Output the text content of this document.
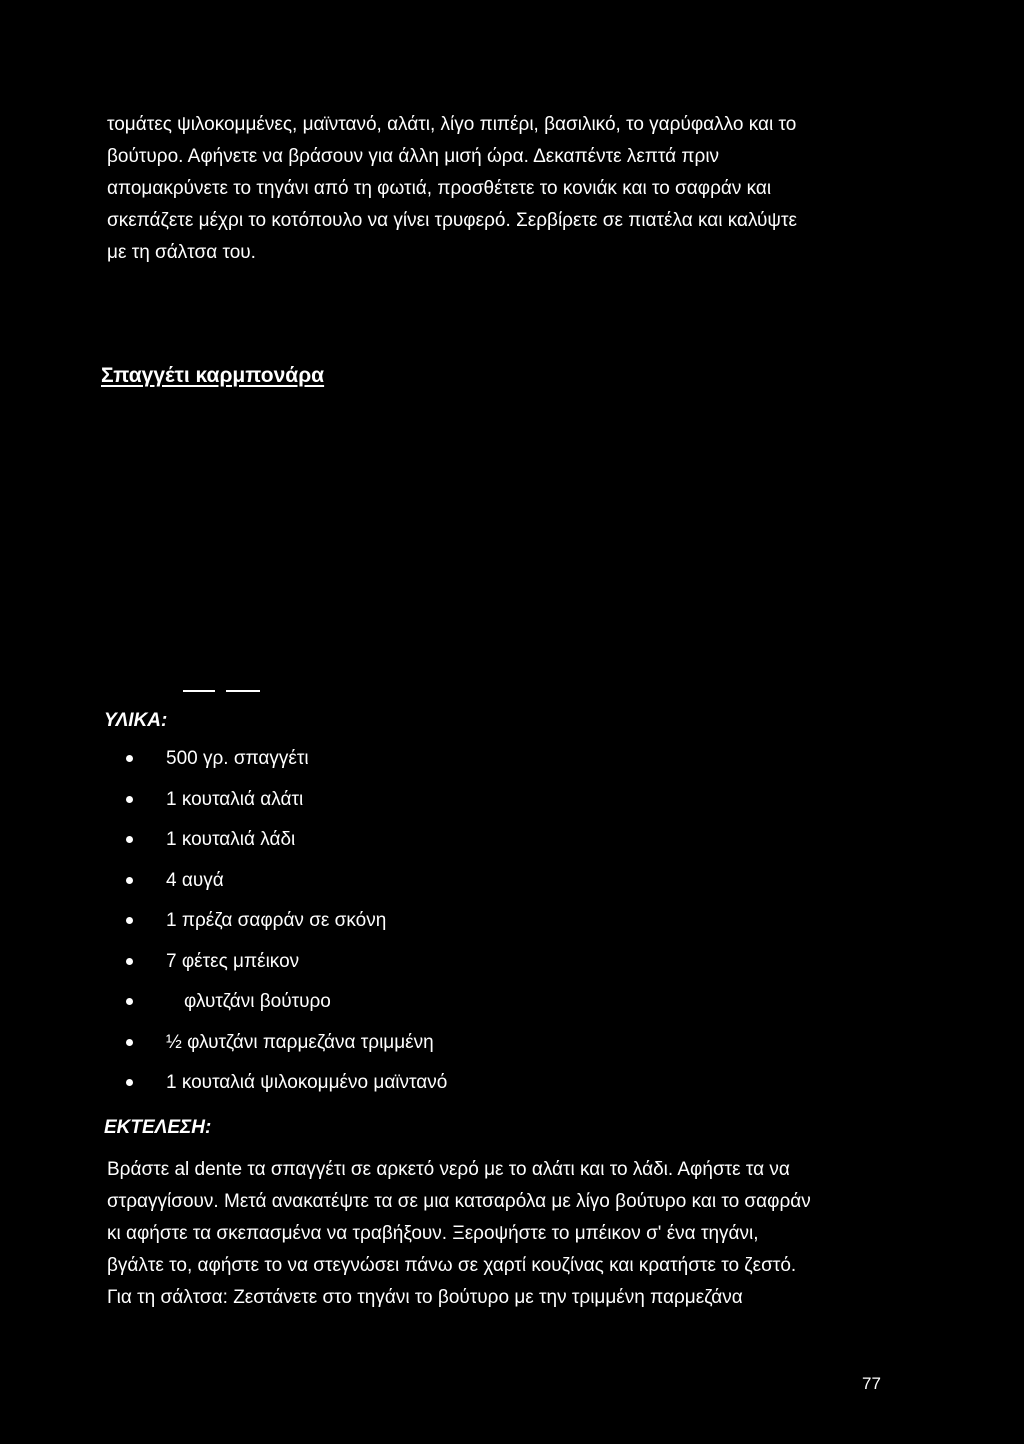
τομάτες ψιλοκομμένες, μαϊντανό, αλάτι, λίγο πιπέρι, βασιλικό, το γαρύφαλλο και το
βούτυρο. Αφήνετε να βράσουν για άλλη μισή ώρα. Δεκαπέντε λεπτά πριν
απομακρύνετε το τηγάνι από τη φωτιά, προσθέτετε το κονιάκ και το σαφράν και
σκεπάζετε μέχρι το κοτόπουλο να γίνει τρυφερό. Σερβίρετε σε πιατέλα και καλύψτε
με τη σάλτσα του.
Σπαγγέτι καρμπονάρα
ΥΛΙΚΑ:
500 γρ. σπαγγέτι
1 κουταλιά αλάτι
1 κουταλιά λάδι
4 αυγά
1 πρέζα σαφράν σε σκόνη
7 φέτες μπέικον
φλυτζάνι βούτυρο
½ φλυτζάνι παρμεζάνα τριμμένη
1 κουταλιά ψιλοκομμένο μαϊντανό
ΕΚΤΕΛΕΣΗ:
Βράστε al dente τα σπαγγέτι σε αρκετό νερό με το αλάτι και το λάδι. Αφήστε τα να
στραγγίσουν. Μετά ανακατέψτε τα σε μια κατσαρόλα με λίγο βούτυρο και το σαφράν
κι αφήστε τα σκεπασμένα να τραβήξουν. Ξεροψήστε το μπέικον σ' ένα τηγάνι,
βγάλτε το, αφήστε το να στεγνώσει πάνω σε χαρτί κουζίνας και κρατήστε το ζεστό.
Για τη σάλτσα: Ζεστάνετε στο τηγάνι το βούτυρο με την τριμμένη παρμεζάνα
77
